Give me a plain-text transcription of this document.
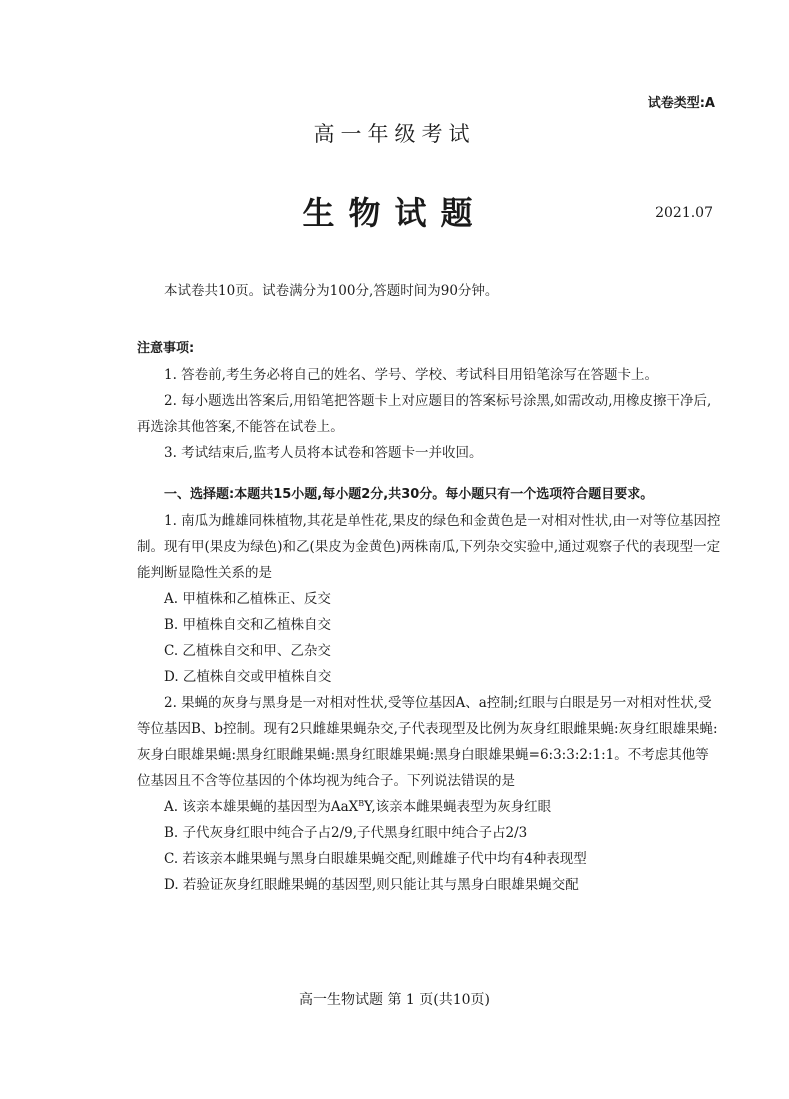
试卷类型:A
高一年级考试
生物试题	2021.07

本试卷共10页。试卷满分为100分,答题时间为90分钟。

注意事项:

1. 答卷前,考生务必将自己的姓名、学号、学校、考试科目用铅笔涂写在答题卡上。

2. 每小题选出答案后,用铅笔把答题卡上对应题目的答案标号涂黑,如需改动,用橡皮擦干净后,再选涂其他答案,不能答在试卷上。

3. 考试结束后,监考人员将本试卷和答题卡一并收回。

一、选择题:本题共15小题,每小题2分,共30分。每小题只有一个选项符合题目要求。

1. 南瓜为雌雄同株植物,其花是单性花,果皮的绿色和金黄色是一对相对性状,由一对等位基因控制。现有甲(果皮为绿色)和乙(果皮为金黄色)两株南瓜,下列杂交实验中,通过观察子代的表现型一定能判断显隐性关系的是

A. 甲植株和乙植株正、反交

B. 甲植株自交和乙植株自交

C. 乙植株自交和甲、乙杂交

D. 乙植株自交或甲植株自交

2. 果蝇的灰身与黑身是一对相对性状,受等位基因A、a控制;红眼与白眼是另一对相对性状,受等位基因B、b控制。现有2只雌雄果蝇杂交,子代表现型及比例为灰身红眼雌果蝇:灰身红眼雄果蝇:灰身白眼雄果蝇:黑身红眼雌果蝇:黑身红眼雄果蝇:黑身白眼雄果蝇=6:3:3:2:1:1。不考虑其他等位基因且不含等位基因的个体均视为纯合子。下列说法错误的是

A. 该亲本雄果蝇的基因型为AaX$^B$Y,该亲本雌果蝇表型为灰身红眼

B. 子代灰身红眼中纯合子占2/9,子代黑身红眼中纯合子占2/3

C. 若该亲本雌果蝇与黑身白眼雄果蝇交配,则雌雄子代中均有4种表现型

D. 若验证灰身红眼雌果蝇的基因型,则只能让其与黑身白眼雄果蝇交配

高一生物试题 第 1 页(共10页)
